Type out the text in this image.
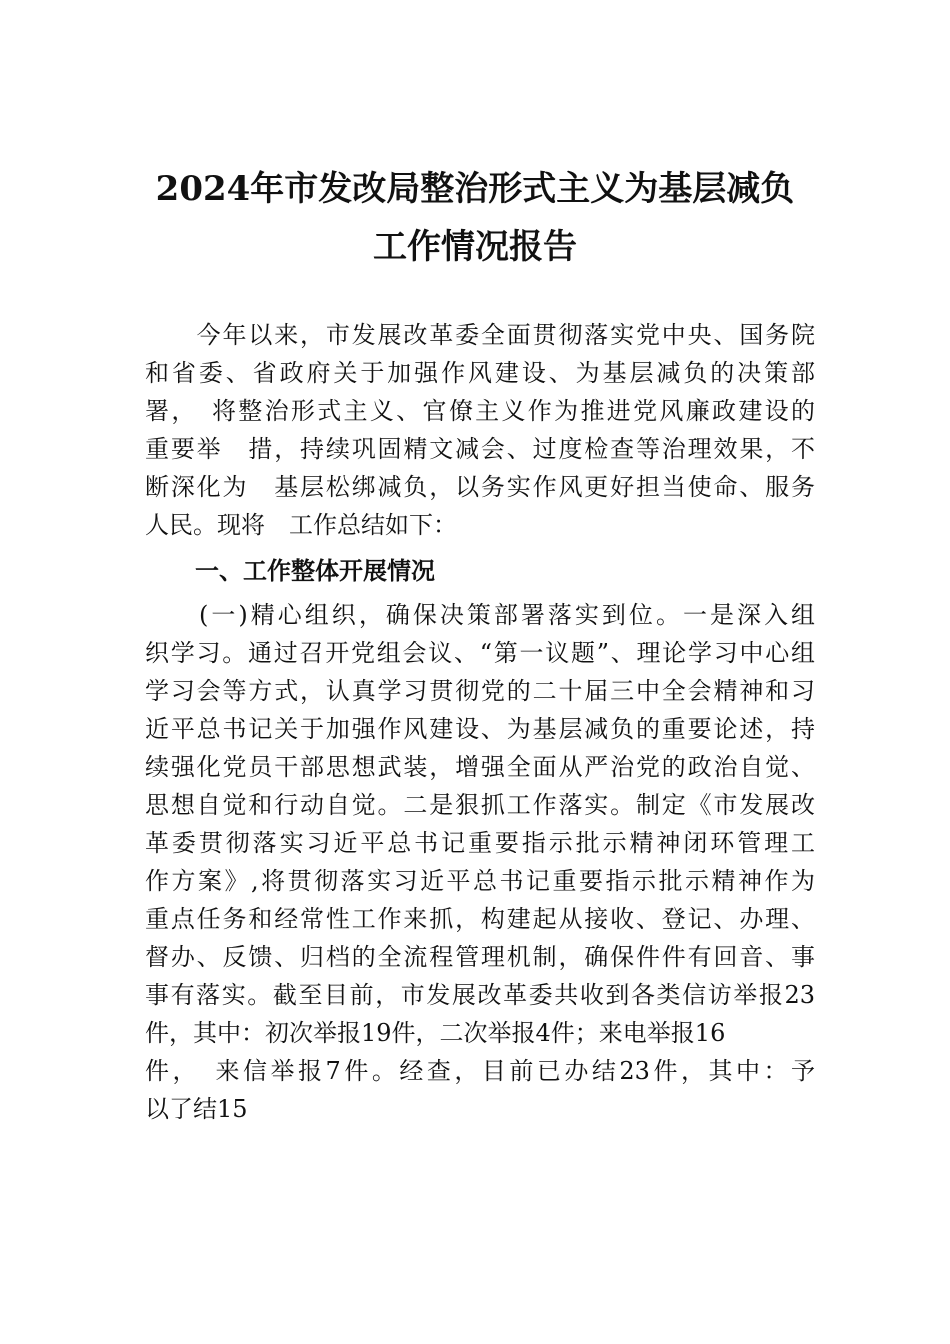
2024年市发改局整治形式主义为基层减负
工作情况报告
　　今年以来，市发展改革委全面贯彻落实党中央、国务院
和省委、省政府关于加强作风建设、为基层减负的决策部
署，　将整治形式主义、官僚主义作为推进党风廉政建设的
重要举　措，持续巩固精文减会、过度检查等治理效果，不
断深化为　基层松绑减负，以务实作风更好担当使命、服务
人民。现将　工作总结如下：
一、工作整体开展情况
　　(一)精心组织，确保决策部署落实到位。一是深入组
织学习。通过召开党组会议、“第一议题”、理论学习中心组
学习会等方式，认真学习贯彻党的二十届三中全会精神和习
近平总书记关于加强作风建设、为基层减负的重要论述，持
续强化党员干部思想武装，增强全面从严治党的政治自觉、
思想自觉和行动自觉。二是狠抓工作落实。制定《市发展改
革委贯彻落实习近平总书记重要指示批示精神闭环管理工
作方案》,将贯彻落实习近平总书记重要指示批示精神作为
重点任务和经常性工作来抓，构建起从接收、登记、办理、
督办、反馈、归档的全流程管理机制，确保件件有回音、事
事有落实。截至目前，市发展改革委共收到各类信访举报23
件，其中：初次举报19件，二次举报4件；来电举报16
件，　来信举报7件。经查，目前已办结23件，其中：予
以了结15
